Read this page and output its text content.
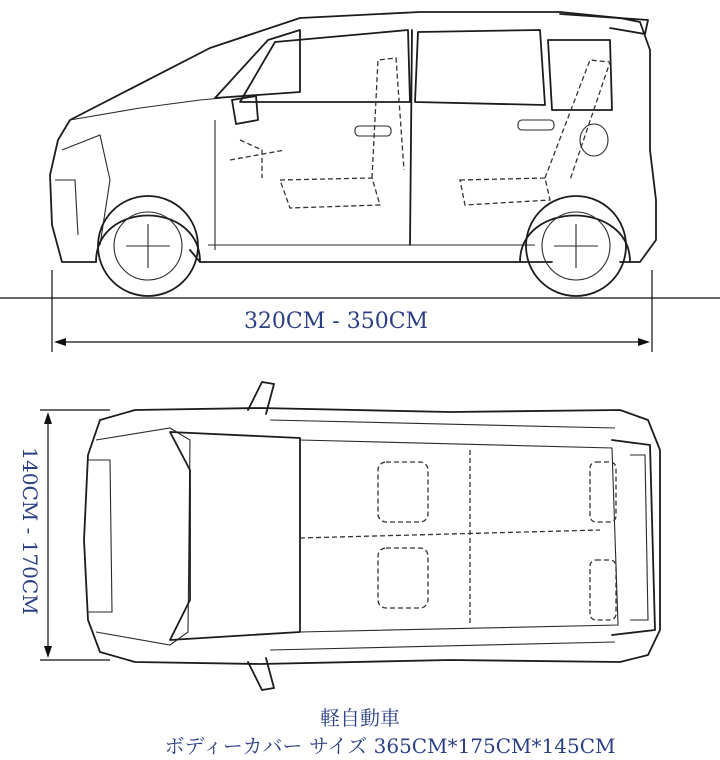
320CM - 350CM
140CM - 170CM
軽自動車
ボディーカバー サイズ 365CM*175CM*145CM
